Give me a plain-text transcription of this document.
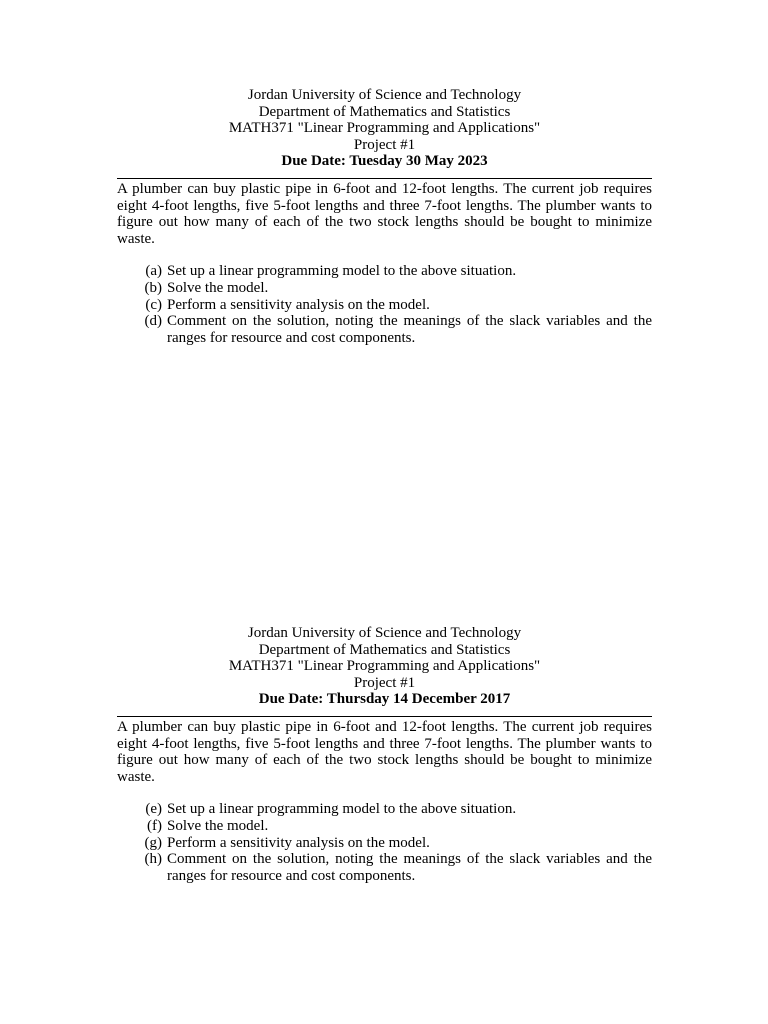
Jordan University of Science and Technology
Department of Mathematics and Statistics
MATH371 "Linear Programming and Applications"
Project #1
Due Date: Tuesday 30 May 2023
A plumber can buy plastic pipe in 6-foot and 12-foot lengths. The current job requires eight 4-foot lengths, five 5-foot lengths and three 7-foot lengths. The plumber wants to figure out how many of each of the two stock lengths should be bought to minimize waste.
(a) Set up a linear programming model to the above situation.
(b) Solve the model.
(c) Perform a sensitivity analysis on the model.
(d) Comment on the solution, noting the meanings of the slack variables and the ranges for resource and cost components.
Jordan University of Science and Technology
Department of Mathematics and Statistics
MATH371 "Linear Programming and Applications"
Project #1
Due Date: Thursday 14 December 2017
A plumber can buy plastic pipe in 6-foot and 12-foot lengths. The current job requires eight 4-foot lengths, five 5-foot lengths and three 7-foot lengths. The plumber wants to figure out how many of each of the two stock lengths should be bought to minimize waste.
(e) Set up a linear programming model to the above situation.
(f) Solve the model.
(g) Perform a sensitivity analysis on the model.
(h) Comment on the solution, noting the meanings of the slack variables and the ranges for resource and cost components.
